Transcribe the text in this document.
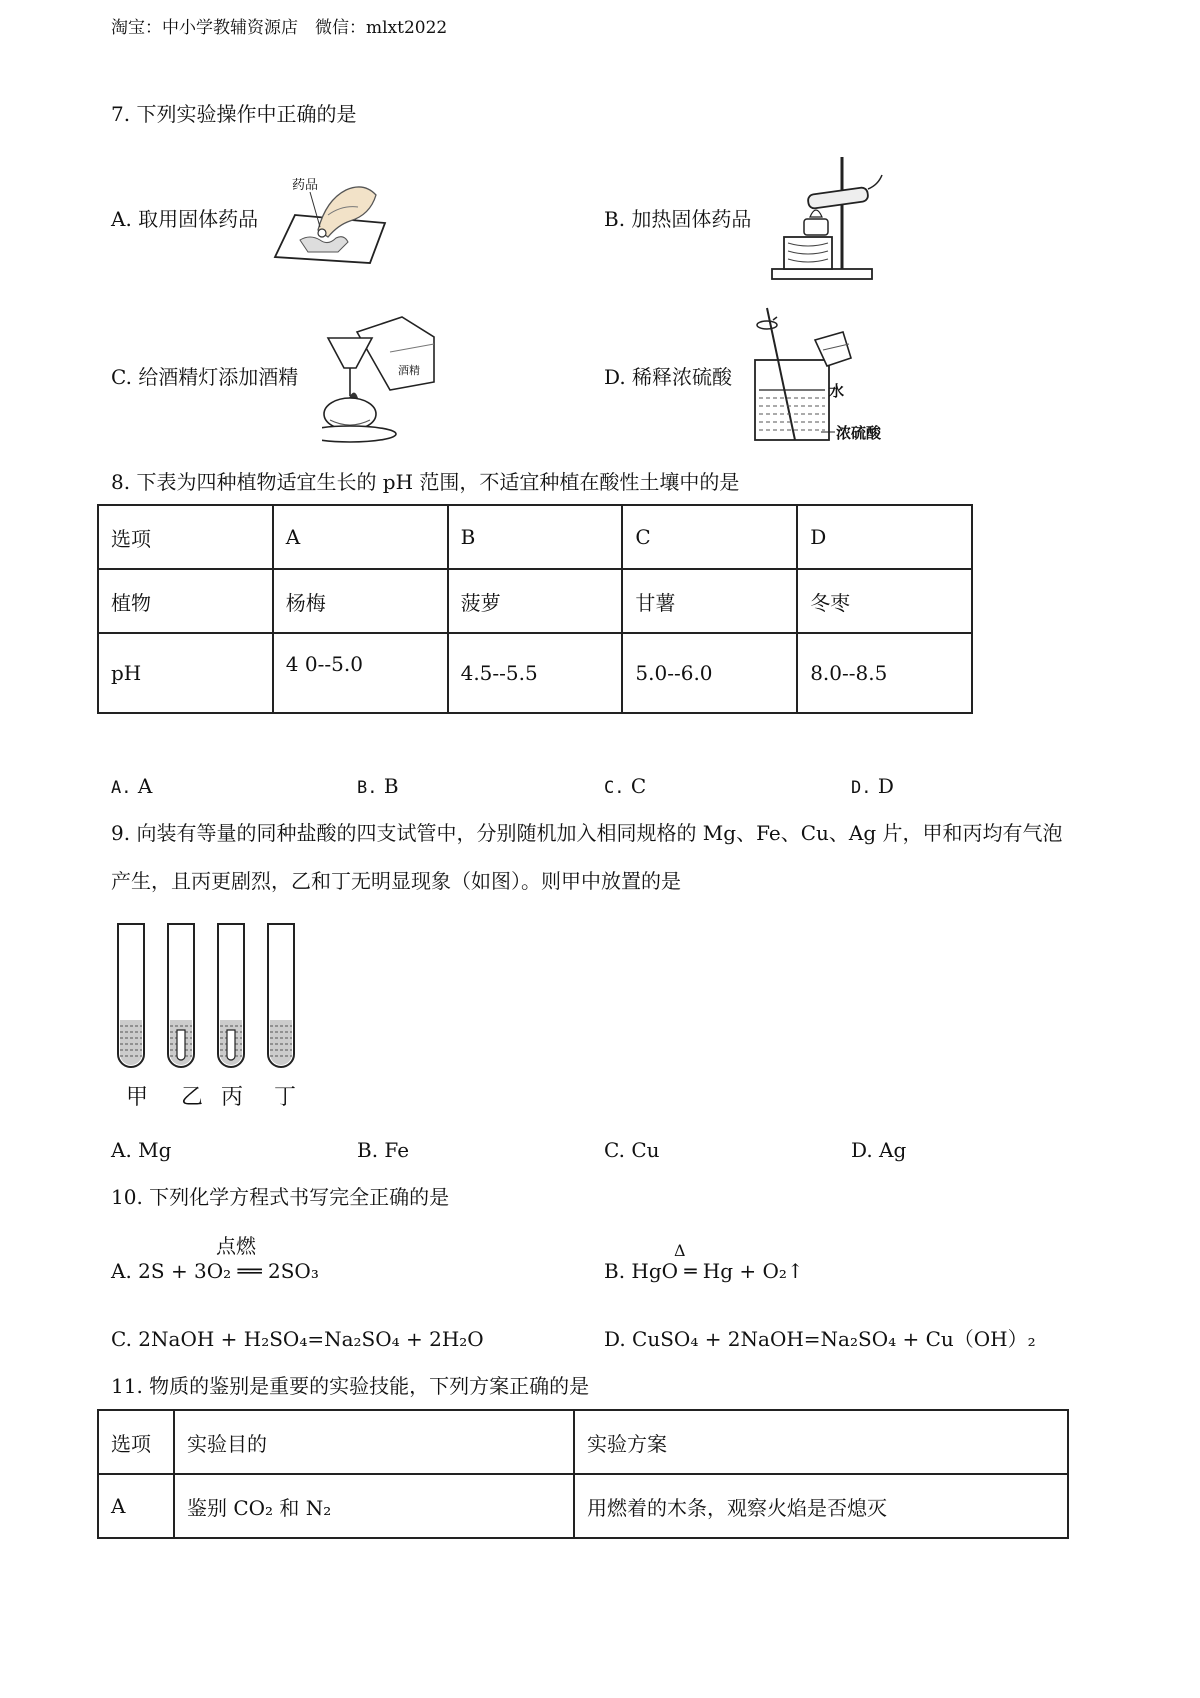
淘宝：中小学教辅资源店　微信：mlxt2022
7. 下列实验操作中正确的是
A. 取用固体药品
药品
B. 加热固体药品
C. 给酒精灯添加酒精	酒精	D. 稀释浓硫酸
水
浓硫酸
8. 下表为四种植物适宜生长的 pH 范围，不适宜种植在酸性土壤中的是
选项	A	B	C	D
植物	杨梅	菠萝	甘薯	冬枣
pH	4 0--5.0	4.5--5.5	5.0--6.0	8.0--8.5
A. A	B. B	C. C	D. D
9. 向装有等量的同种盐酸的四支试管中，分别随机加入相同规格的 Mg、Fe、Cu、Ag 片，甲和丙均有气泡
产生，且丙更剧烈，乙和丁无明显现象（如图）。则甲中放置的是
甲 乙 丙 丁
A. Mg	B. Fe	C. Cu	D. Ag
10. 下列化学方程式书写完全正确的是
点燃
A. 2S + 3O₂ ══ 2SO₃
Δ
B. HgO ═ Hg + O₂↑
C. 2NaOH + H₂SO₄=Na₂SO₄ + 2H₂O	D. CuSO₄ + 2NaOH=Na₂SO₄ + Cu（OH）₂
11. 物质的鉴别是重要的实验技能，下列方案正确的是
选项	实验目的	实验方案
A	鉴别 CO₂ 和 N₂	用燃着的木条，观察火焰是否熄灭
